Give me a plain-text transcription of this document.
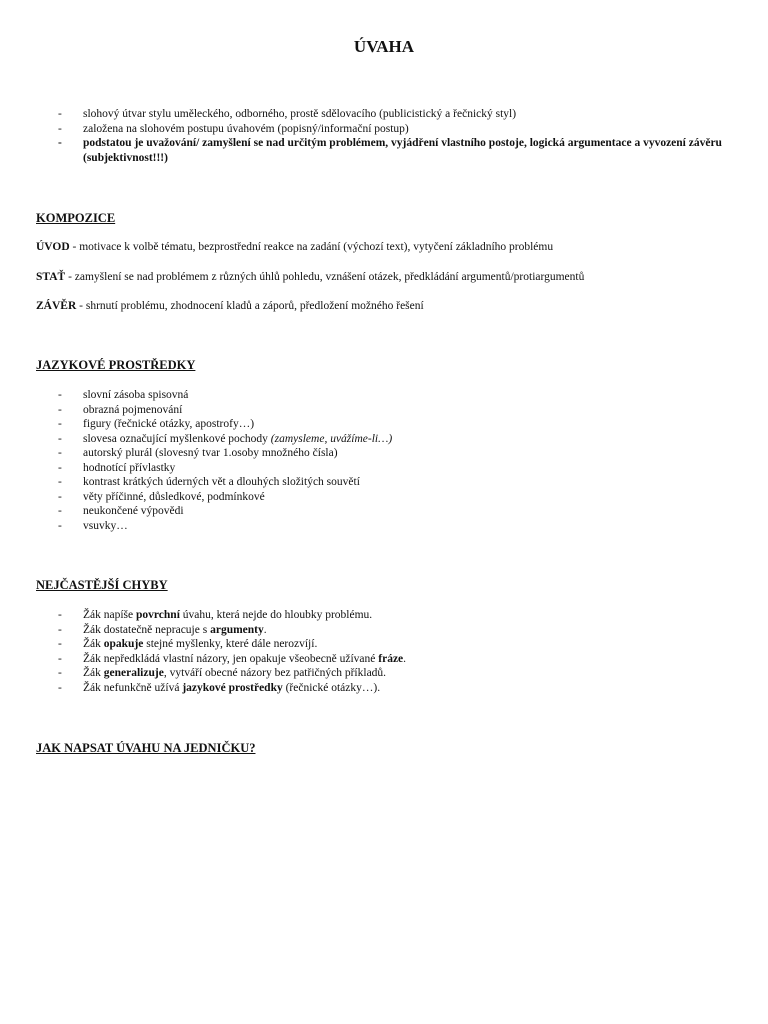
ÚVAHA
- slohový útvar stylu uměleckého, odborného, prostě sdělovacího (publicistický a řečnický styl)
- založena na slohovém postupu úvahovém (popisný/informační postup)
- podstatou je uvažování/ zamyšlení se nad určitým problémem, vyjádření vlastního postoje, logická argumentace a vyvození závěru (subjektivnost!!!)
KOMPOZICE
ÚVOD - motivace k volbě tématu, bezprostřední reakce na zadání (výchozí text), vytyčení základního problému
STAŤ - zamyšlení se nad problémem z různých úhlů pohledu, vznášení otázek, předkládání argumentů/protiargumentů
ZÁVĚR - shrnutí problému, zhodnocení kladů a záporů, předložení možného řešení
JAZYKOVÉ PROSTŘEDKY
- slovní zásoba spisovná
- obrazná pojmenování
- figury (řečnické otázky, apostrofy…)
- slovesa označující myšlenkové pochody (zamysleme, uvážíme-li…)
- autorský plurál (slovesný tvar 1.osoby množného čísla)
- hodnotící přívlastky
- kontrast krátkých úderných vět a dlouhých složitých souvětí
- věty příčinné, důsledkové, podmínkové
- neukončené výpovědi
- vsuvky…
NEJČASTĚJŠÍ CHYBY
- Žák napíše povrchní úvahu, která nejde do hloubky problému.
- Žák dostatečně nepracuje s argumenty.
- Žák opakuje stejné myšlenky, které dále nerozvíjí.
- Žák nepředkládá vlastní názory, jen opakuje všeobecně užívané fráze.
- Žák generalizuje, vytváří obecné názory bez patřičných příkladů.
- Žák nefunkčně užívá jazykové prostředky (řečnické otázky…).
JAK NAPSAT ÚVAHU NA JEDNIČKU?
